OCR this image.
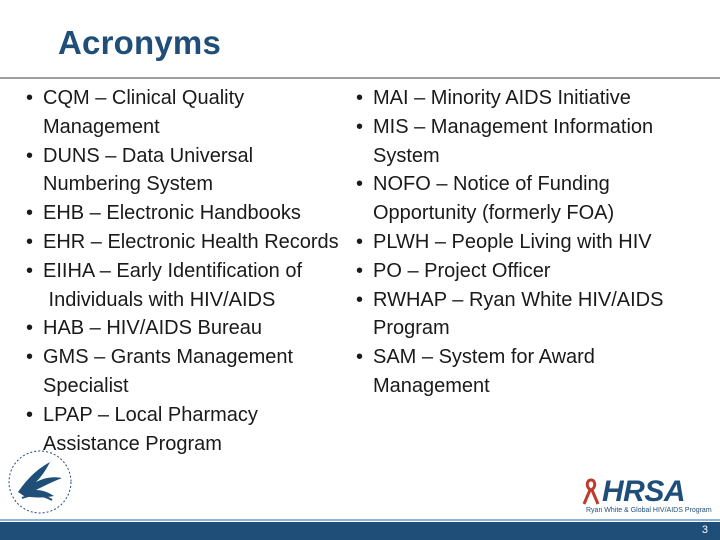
Acronyms
• CQM – Clinical Quality
Management
• DUNS – Data Universal
Numbering System
• EHB – Electronic Handbooks
• EHR – Electronic Health Records
• EIIHA – Early Identification of
Individuals with HIV/AIDS
• HAB – HIV/AIDS Bureau
• GMS – Grants Management
Specialist
• LPAP – Local Pharmacy
Assistance Program
• MAI – Minority AIDS Initiative
• MIS – Management Information
System
• NOFO – Notice of Funding
Opportunity (formerly FOA)
• PLWH – People Living with HIV
• PO – Project Officer
• RWHAP – Ryan White HIV/AIDS
Program
• SAM – System for Award
Management
HRSA
Ryan White & Global HIV/AIDS Program
3
